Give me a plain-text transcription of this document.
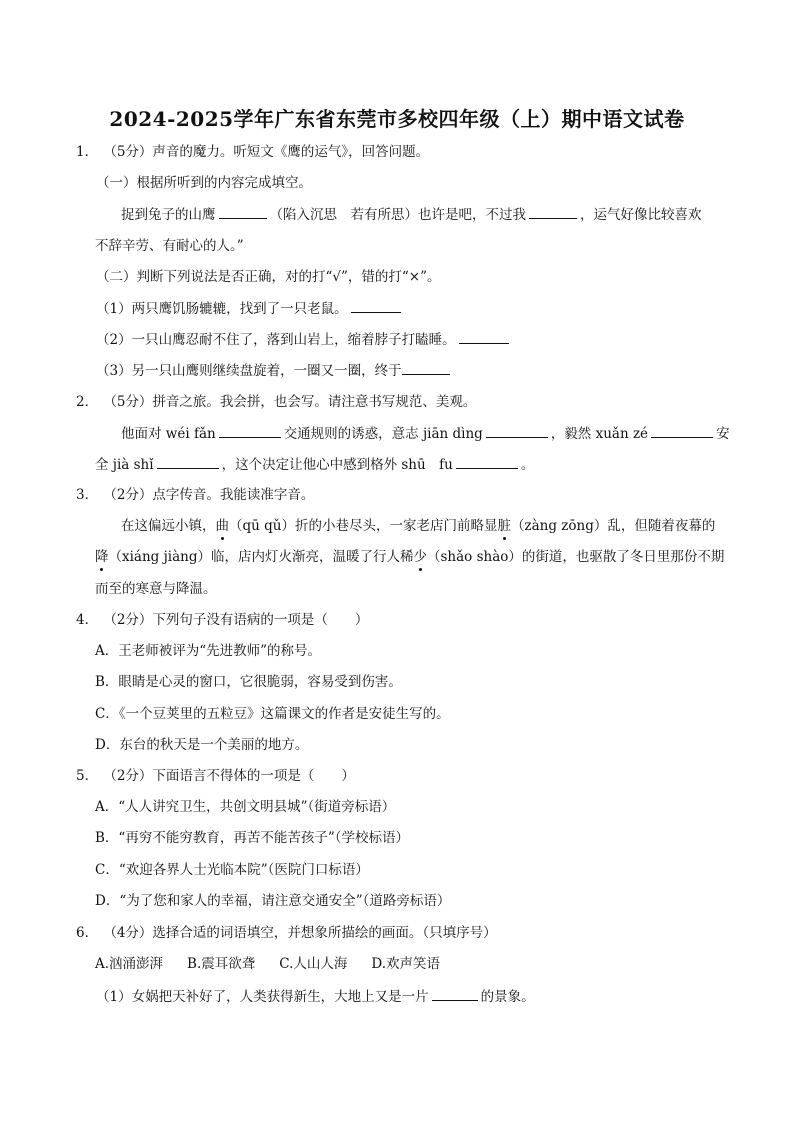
2024-2025学年广东省东莞市多校四年级（上）期中语文试卷
1． （5分）声音的魔力。听短文《鹰的运气》，回答问题。
（一）根据所听到的内容完成填空。
捉到兔子的山鹰	（陷入沉思　若有所思）也许是吧，不过我	，运气好像比较喜欢
不辞辛劳、有耐心的人。”
（二）判断下列说法是否正确，对的打“√”，错的打“×”。
（1）两只鹰饥肠辘辘，找到了一只老鼠。
（2）一只山鹰忍耐不住了，落到山岩上，缩着脖子打瞌睡。
（3）另一只山鹰则继续盘旋着，一圈又一圈，终于
2． （5分）拼音之旅。我会拼，也会写。请注意书写规范、美观。
他面对 wéi fǎn	交通规则的诱惑，意志 jiān dìng	，毅然 xuǎn zé	安
全 jià shǐ	，这个决定让他心中感到格外 shū　fu	。
3． （2分）点字传音。我能读准字音。
在这偏远小镇，曲（qū qǔ）折的小巷尽头，一家老店门前略显脏（zàng zōng）乱，但随着夜幕的
降（xiáng jiàng）临，店内灯火渐亮，温暖了行人稀少（shǎo shào）的街道，也驱散了冬日里那份不期
而至的寒意与降温。
4． （2分）下列句子没有语病的一项是（　　）
A．王老师被评为“先进教师”的称号。
B．眼睛是心灵的窗口，它很脆弱，容易受到伤害。
C．《一个豆荚里的五粒豆》这篇课文的作者是安徒生写的。
D．东台的秋天是一个美丽的地方。
5． （2分）下面语言不得体的一项是（　　）
A．“人人讲究卫生，共创文明县城”（街道旁标语）
B．“再穷不能穷教育，再苦不能苦孩子”（学校标语）
C．“欢迎各界人士光临本院”（医院门口标语）
D．“为了您和家人的幸福，请注意交通安全”（道路旁标语）
6． （4分）选择合适的词语填空，并想象所描绘的画面。（只填序号）
A.汹涌澎湃 B.震耳欲聋 C.人山人海 D.欢声笑语
（1）女娲把天补好了，人类获得新生，大地上又是一片	的景象。
